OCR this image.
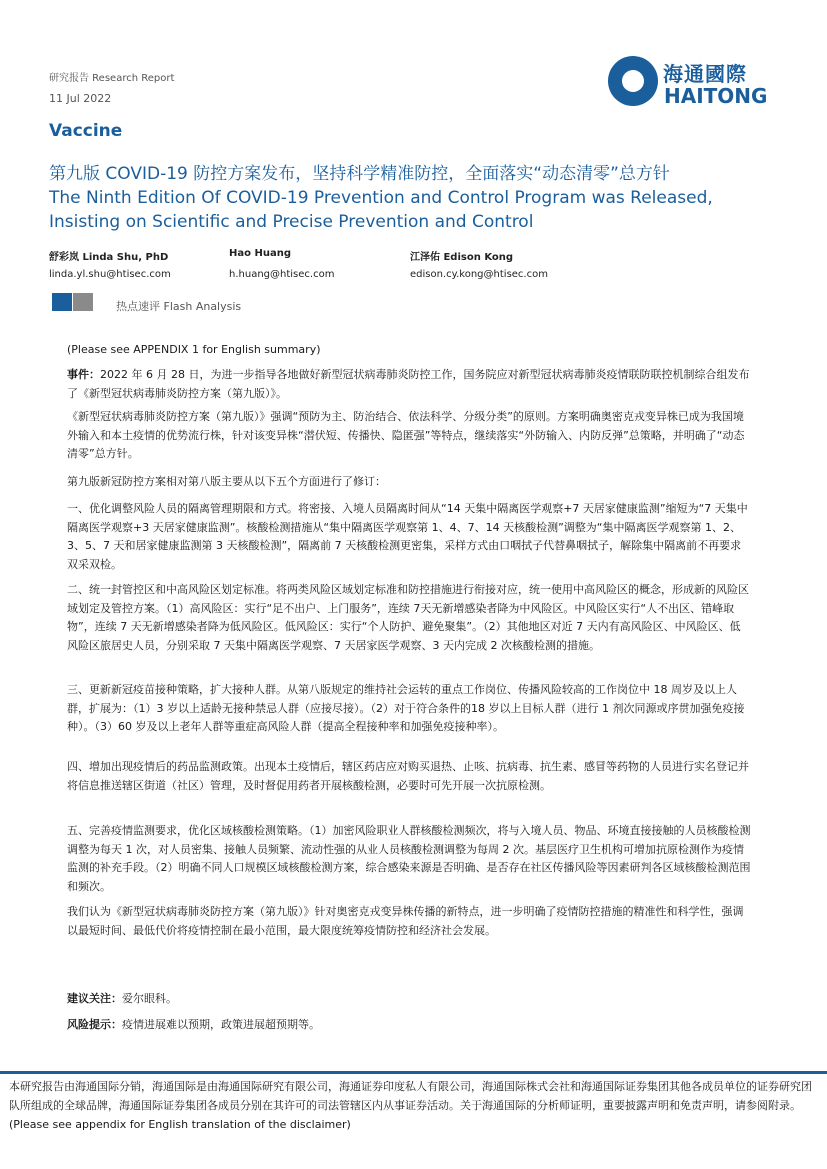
研究报告 Research Report
11 Jul 2022
海通國際
HAITONG
Vaccine
第九版 COVID-19 防控方案发布，坚持科学精准防控，全面落实“动态清零”总方针
The Ninth Edition Of COVID-19 Prevention and Control Program was Released, Insisting on Scientific and Precise Prevention and Control
舒彩岚 Linda Shu, PhD
linda.yl.shu@htisec.com
Hao Huang
h.huang@htisec.com
江泽佑 Edison Kong
edison.cy.kong@htisec.com
热点速评 Flash Analysis
(Please see APPENDIX 1 for English summary)

事件：2022 年 6 月 28 日，为进一步指导各地做好新型冠状病毒肺炎防控工作，国务院应对新型冠状病毒肺炎疫情联防联控机制综合组发布了《新型冠状病毒肺炎防控方案（第九版）》。

《新型冠状病毒肺炎防控方案（第九版）》强调“预防为主、防治结合、依法科学、分级分类”的原则。方案明确奥密克戎变异株已成为我国境外输入和本土疫情的优势流行株，针对该变异株“潜伏短、传播快、隐匿强”等特点，继续落实“外防输入、内防反弹”总策略，并明确了“动态清零”总方针。

第九版新冠防控方案相对第八版主要从以下五个方面进行了修订：

一、优化调整风险人员的隔离管理期限和方式。将密接、入境人员隔离时间从“14 天集中隔离医学观察+7 天居家健康监测”缩短为“7 天集中隔离医学观察+3 天居家健康监测”。核酸检测措施从“集中隔离医学观察第 1、4、7、14 天核酸检测”调整为“集中隔离医学观察第 1、2、3、5、7 天和居家健康监测第 3 天核酸检测”，隔离前 7 天核酸检测更密集，采样方式由口咽拭子代替鼻咽拭子，解除集中隔离前不再要求双采双检。

二、统一封管控区和中高风险区划定标准。将两类风险区域划定标准和防控措施进行衔接对应，统一使用中高风险区的概念，形成新的风险区域划定及管控方案。（1）高风险区：实行“足不出户、上门服务”，连续 7天无新增感染者降为中风险区。中风险区实行“人不出区、错峰取物”，连续 7 天无新增感染者降为低风险区。低风险区：实行“个人防护、避免聚集”。（2）其他地区对近 7 天内有高风险区、中风险区、低风险区旅居史人员，分别采取 7 天集中隔离医学观察、7 天居家医学观察、3 天内完成 2 次核酸检测的措施。

三、更新新冠疫苗接种策略，扩大接种人群。从第八版规定的维持社会运转的重点工作岗位、传播风险较高的工作岗位中 18 周岁及以上人群，扩展为：（1）3 岁以上适龄无接种禁忌人群（应接尽接）。（2）对于符合条件的18 岁以上目标人群（进行 1 剂次同源或序贯加强免疫接种）。（3）60 岁及以上老年人群等重症高风险人群（提高全程接种率和加强免疫接种率）。

四、增加出现疫情后的药品监测政策。出现本土疫情后，辖区药店应对购买退热、止咳、抗病毒、抗生素、感冒等药物的人员进行实名登记并将信息推送辖区街道（社区）管理，及时督促用药者开展核酸检测，必要时可先开展一次抗原检测。

五、完善疫情监测要求，优化区域核酸检测策略。（1）加密风险职业人群核酸检测频次，将与入境人员、物品、环境直接接触的人员核酸检测调整为每天 1 次，对人员密集、接触人员频繁、流动性强的从业人员核酸检测调整为每周 2 次。基层医疗卫生机构可增加抗原检测作为疫情监测的补充手段。（2）明确不同人口规模区域核酸检测方案，综合感染来源是否明确、是否存在社区传播风险等因素研判各区域核酸检测范围和频次。

我们认为《新型冠状病毒肺炎防控方案（第九版）》针对奥密克戎变异株传播的新特点，进一步明确了疫情防控措施的精准性和科学性，强调以最短时间、最低代价将疫情控制在最小范围，最大限度统筹疫情防控和经济社会发展。

建议关注：爱尔眼科。

风险提示：疫情进展难以预期，政策进展超预期等。

本研究报告由海通国际分销，海通国际是由海通国际研究有限公司，海通证券印度私人有限公司，海通国际株式会社和海通国际证券集团其他各成员单位的证券研究团队所组成的全球品牌，海通国际证券集团各成员分别在其许可的司法管辖区内从事证券活动。关于海通国际的分析师证明，重要披露声明和免责声明，请参阅附录。(Please see appendix for English translation of the disclaimer)
